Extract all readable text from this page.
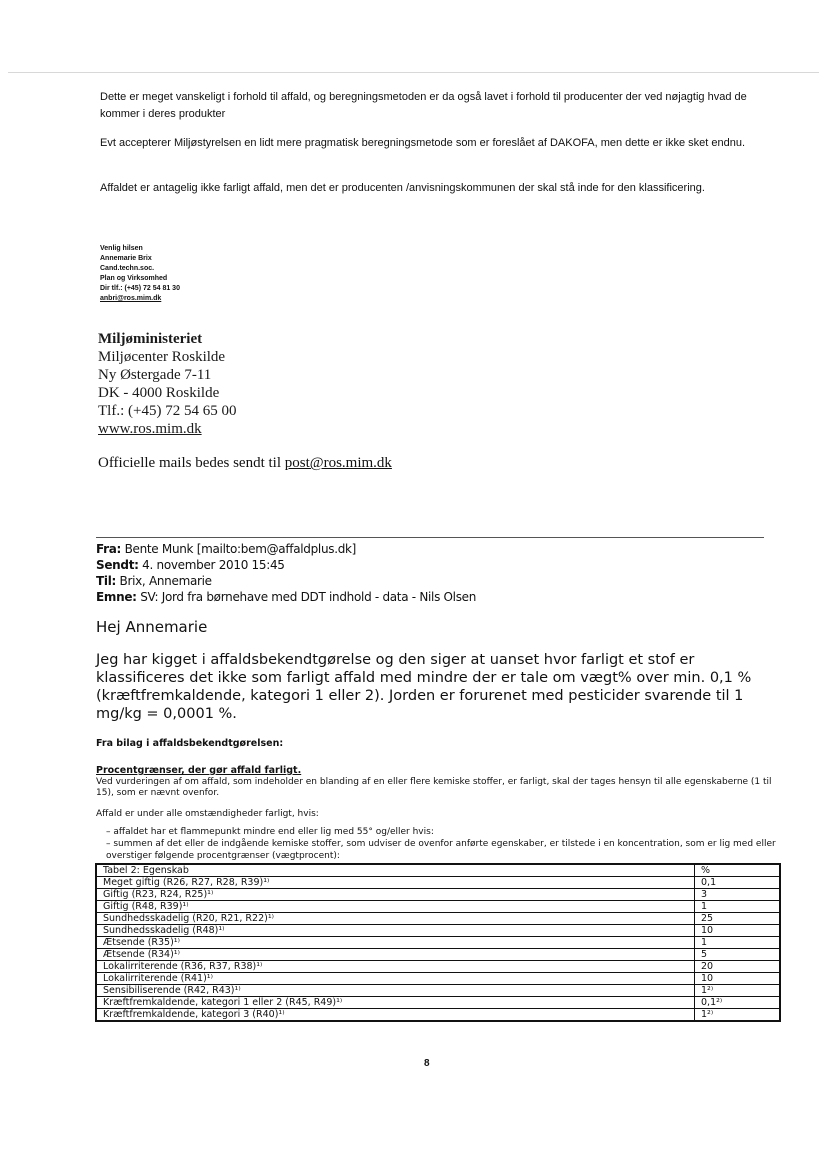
Dette er meget vanskeligt i forhold til affald, og beregningsmetoden er da også lavet i forhold til producenter der ved nøjagtig hvad de kommer i deres produkter
Evt accepterer Miljøstyrelsen en lidt mere pragmatisk beregningsmetode som er foreslået af DAKOFA, men dette er ikke sket endnu.
Affaldet er antagelig ikke farligt affald, men det er producenten /anvisningskommunen der skal stå inde for den klassificering.
Venlig hilsen
Annemarie Brix
Cand.techn.soc.
Plan og Virksomhed
Dir tlf.: (+45) 72 54 81 30
anbri@ros.mim.dk
Miljøministeriet
Miljøcenter Roskilde
Ny Østergade 7-11
DK - 4000 Roskilde
Tlf.: (+45) 72 54 65 00
www.ros.mim.dk
Officielle mails bedes sendt til post@ros.mim.dk
Fra: Bente Munk [mailto:bem@affaldplus.dk]
Sendt: 4. november 2010 15:45
Til: Brix, Annemarie
Emne: SV: Jord fra børnehave med DDT indhold - data - Nils Olsen
Hej Annemarie
Jeg har kigget i affaldsbekendtgørelse og den siger at uanset hvor farligt et stof er klassificeres det ikke som farligt affald med mindre der er tale om vægt% over min. 0,1 % (kræftfremkaldende, kategori 1 eller 2). Jorden er forurenet med pesticider svarende til 1 mg/kg = 0,0001 %.
Fra bilag i affaldsbekendtgørelsen:
Procentgrænser, der gør affald farligt.
Ved vurderingen af om affald, som indeholder en blanding af en eller flere kemiske stoffer, er farligt, skal der tages hensyn til alle egenskaberne (1 til 15), som er nævnt ovenfor.
Affald er under alle omstændigheder farligt, hvis:
– affaldet har et flammepunkt mindre end eller lig med 55° og/eller hvis:
– summen af det eller de indgående kemiske stoffer, som udviser de ovenfor anførte egenskaber, er tilstede i en koncentration, som er lig med eller overstiger følgende procentgrænser (vægtprocent):
Tabel 2: Egenskab	%
Meget giftig (R26, R27, R28, R39)¹⁾	0,1
Giftig (R23, R24, R25)¹⁾	3
Giftig (R48, R39)¹⁾	1
Sundhedsskadelig (R20, R21, R22)¹⁾	25
Sundhedsskadelig (R48)¹⁾	10
Ætsende (R35)¹⁾	1
Ætsende (R34)¹⁾	5
Lokalirriterende (R36, R37, R38)¹⁾	20
Lokalirriterende (R41)¹⁾	10
Sensibiliserende (R42, R43)¹⁾	1²⁾
Kræftfremkaldende, kategori 1 eller 2 (R45, R49)¹⁾	0,1²⁾
Kræftfremkaldende, kategori 3 (R40)¹⁾	1²⁾
8
